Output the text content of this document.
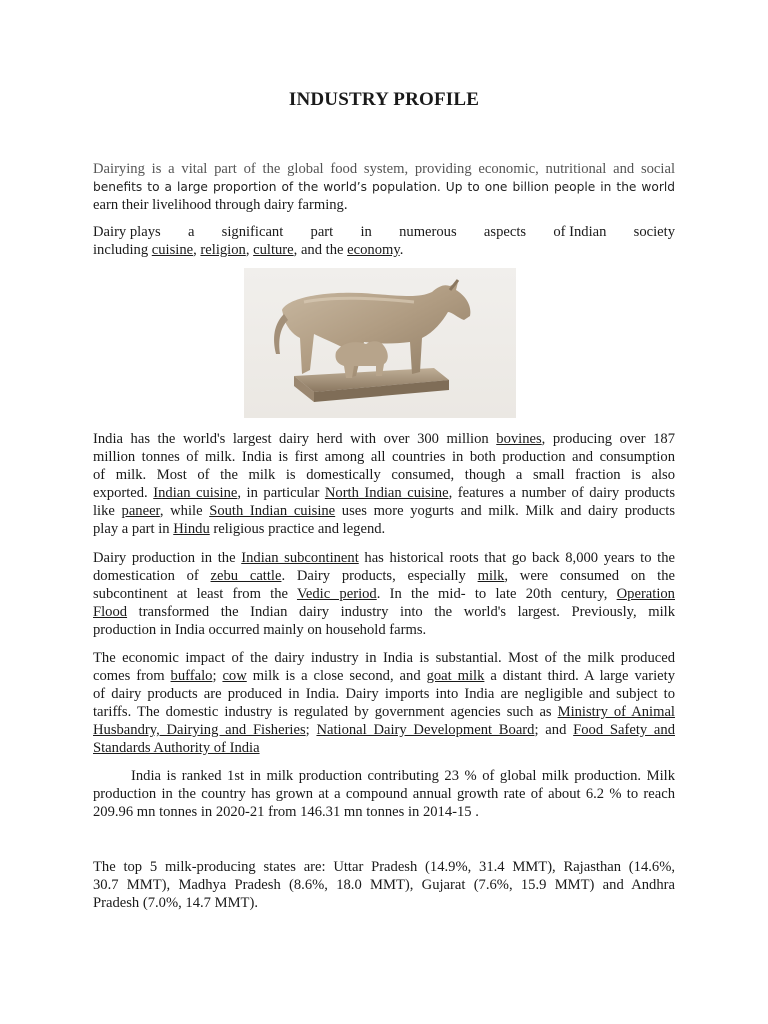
INDUSTRY PROFILE
Dairying is a vital part of the global food system, providing economic, nutritional and social
benefits to a large proportion of the world’s population. Up to one billion people in the world
earn their livelihood through dairy farming.
Dairy plays a significant part in numerous aspects of Indian society
including cuisine, religion, culture, and the economy.
India has the world's largest dairy herd with over 300 million bovines, producing over 187
million tonnes of milk. India is first among all countries in both production and consumption
of milk. Most of the milk is domestically consumed, though a small fraction is also
exported. Indian cuisine, in particular North Indian cuisine, features a number of dairy products
like paneer, while South Indian cuisine uses more yogurts and milk. Milk and dairy products
play a part in Hindu religious practice and legend.
Dairy production in the Indian subcontinent has historical roots that go back 8,000 years to the
domestication of zebu cattle. Dairy products, especially milk, were consumed on the
subcontinent at least from the Vedic period. In the mid- to late 20th century, Operation
Flood transformed the Indian dairy industry into the world's largest. Previously, milk
production in India occurred mainly on household farms.
The economic impact of the dairy industry in India is substantial. Most of the milk produced
comes from buffalo; cow milk is a close second, and goat milk a distant third. A large variety
of dairy products are produced in India. Dairy imports into India are negligible and subject to
tariffs. The domestic industry is regulated by government agencies such as Ministry of Animal
Husbandry, Dairying and Fisheries; National Dairy Development Board; and Food Safety and
Standards Authority of India
India is ranked 1st in milk production contributing 23 % of global milk production. Milk
production in the country has grown at a compound annual growth rate of about 6.2 % to reach
209.96 mn tonnes in 2020-21 from 146.31 mn tonnes in 2014-15 .
The top 5 milk-producing states are: Uttar Pradesh (14.9%, 31.4 MMT), Rajasthan (14.6%,
30.7 MMT), Madhya Pradesh (8.6%, 18.0 MMT), Gujarat (7.6%, 15.9 MMT) and Andhra
Pradesh (7.0%, 14.7 MMT).
